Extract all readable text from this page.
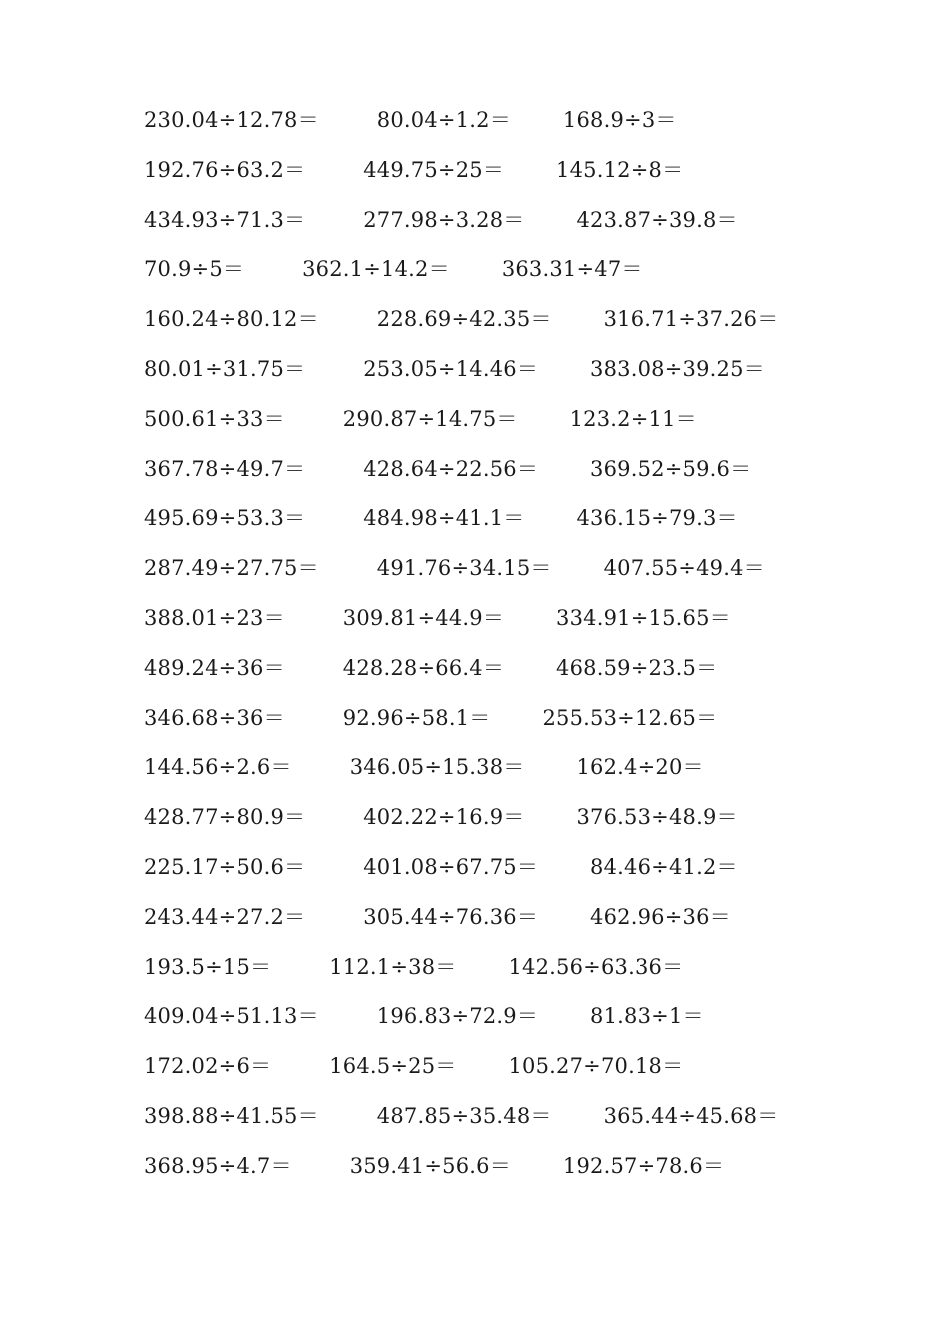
230.04÷12.78＝	80.04÷1.2＝ 168.9÷3＝
192.76÷63.2＝	449.75÷25＝ 145.12÷8＝
434.93÷71.3＝	277.98÷3.28＝ 423.87÷39.8＝
70.9÷5＝	362.1÷14.2＝ 363.31÷47＝
160.24÷80.12＝	228.69÷42.35＝ 316.71÷37.26＝
80.01÷31.75＝	253.05÷14.46＝ 383.08÷39.25＝
500.61÷33＝	290.87÷14.75＝ 123.2÷11＝
367.78÷49.7＝	428.64÷22.56＝ 369.52÷59.6＝
495.69÷53.3＝	484.98÷41.1＝ 436.15÷79.3＝
287.49÷27.75＝	491.76÷34.15＝ 407.55÷49.4＝
388.01÷23＝	309.81÷44.9＝ 334.91÷15.65＝
489.24÷36＝	428.28÷66.4＝ 468.59÷23.5＝
346.68÷36＝	92.96÷58.1＝ 255.53÷12.65＝
144.56÷2.6＝	346.05÷15.38＝ 162.4÷20＝
428.77÷80.9＝	402.22÷16.9＝ 376.53÷48.9＝
225.17÷50.6＝	401.08÷67.75＝ 84.46÷41.2＝
243.44÷27.2＝	305.44÷76.36＝ 462.96÷36＝
193.5÷15＝	112.1÷38＝ 142.56÷63.36＝
409.04÷51.13＝	196.83÷72.9＝ 81.83÷1＝
172.02÷6＝	164.5÷25＝ 105.27÷70.18＝
398.88÷41.55＝	487.85÷35.48＝ 365.44÷45.68＝
368.95÷4.7＝	359.41÷56.6＝ 192.57÷78.6＝
